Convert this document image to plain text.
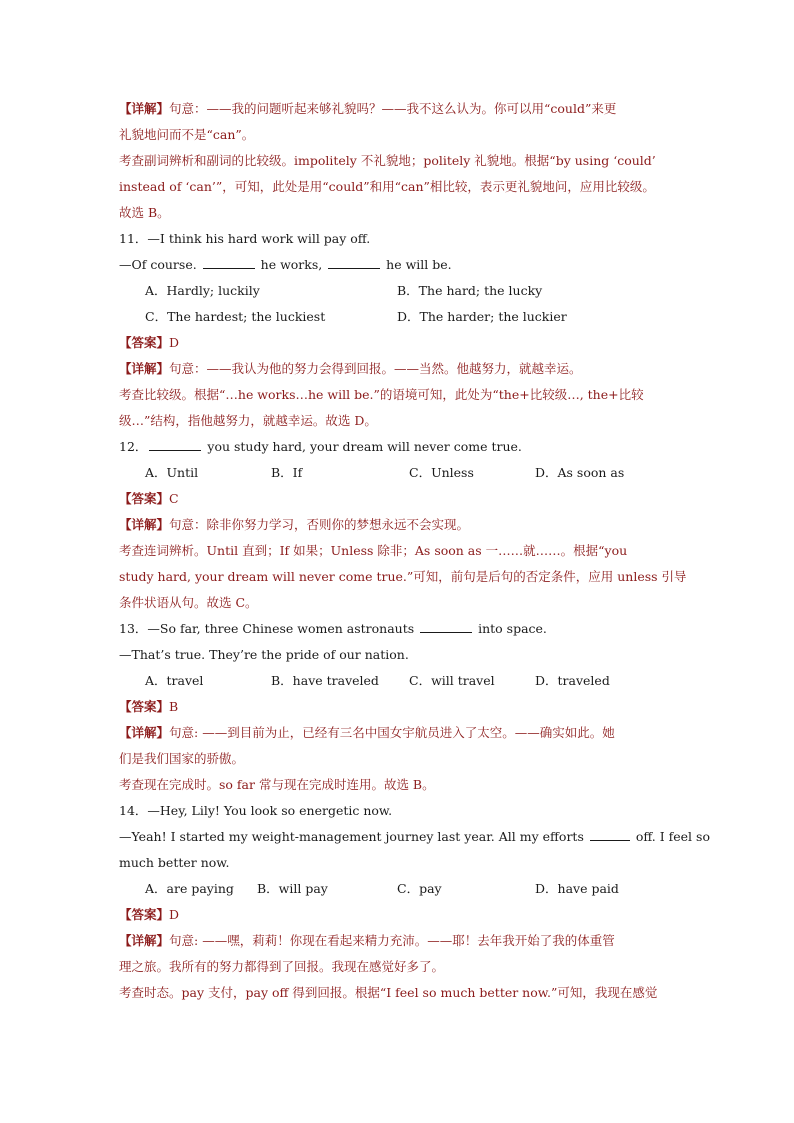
【详解】句意：——我的问题听起来够礼貌吗？——我不这么认为。你可以用“could”来更
礼貌地问而不是“can”。
考查副词辨析和副词的比较级。impolitely 不礼貌地；politely 礼貌地。根据“by using ‘could’
instead of ‘can’”，可知，此处是用“could”和用“can”相比较，表示更礼貌地问，应用比较级。
故选 B。
11．—I think his hard work will pay off.
—Of course.	he works,	he will be.
A．Hardly; luckily	B．The hard; the lucky
C．The hardest; the luckiest	D．The harder; the luckier
【答案】D
【详解】句意：——我认为他的努力会得到回报。——当然。他越努力，就越幸运。
考查比较级。根据“…he works…he will be.”的语境可知，此处为“the+比较级…, the+比较
级…”结构，指他越努力，就越幸运。故选 D。
12．	you study hard, your dream will never come true.
A．Until	B．If	C．Unless	D．As soon as
【答案】C
【详解】句意：除非你努力学习，否则你的梦想永远不会实现。
考查连词辨析。Until 直到；If 如果；Unless 除非；As soon as 一……就……。根据“you
study hard, your dream will never come true.”可知，前句是后句的否定条件，应用 unless 引导
条件状语从句。故选 C。
13．—So far, three Chinese women astronauts	into space.
—That’s true. They’re the pride of our nation.
A．travel	B．have traveled	C．will travel	D．traveled
【答案】B
【详解】句意: ——到目前为止，已经有三名中国女宇航员进入了太空。——确实如此。她
们是我们国家的骄傲。
考查现在完成时。so far 常与现在完成时连用。故选 B。
14．—Hey, Lily! You look so energetic now.
—Yeah! I started my weight-management journey last year. All my efforts	off. I feel so
much better now.
A．are paying	B．will pay	C．pay	D．have paid
【答案】D
【详解】句意: ——嘿，莉莉！你现在看起来精力充沛。——耶！去年我开始了我的体重管
理之旅。我所有的努力都得到了回报。我现在感觉好多了。
考查时态。pay 支付，pay off 得到回报。根据“I feel so much better now.”可知，我现在感觉
